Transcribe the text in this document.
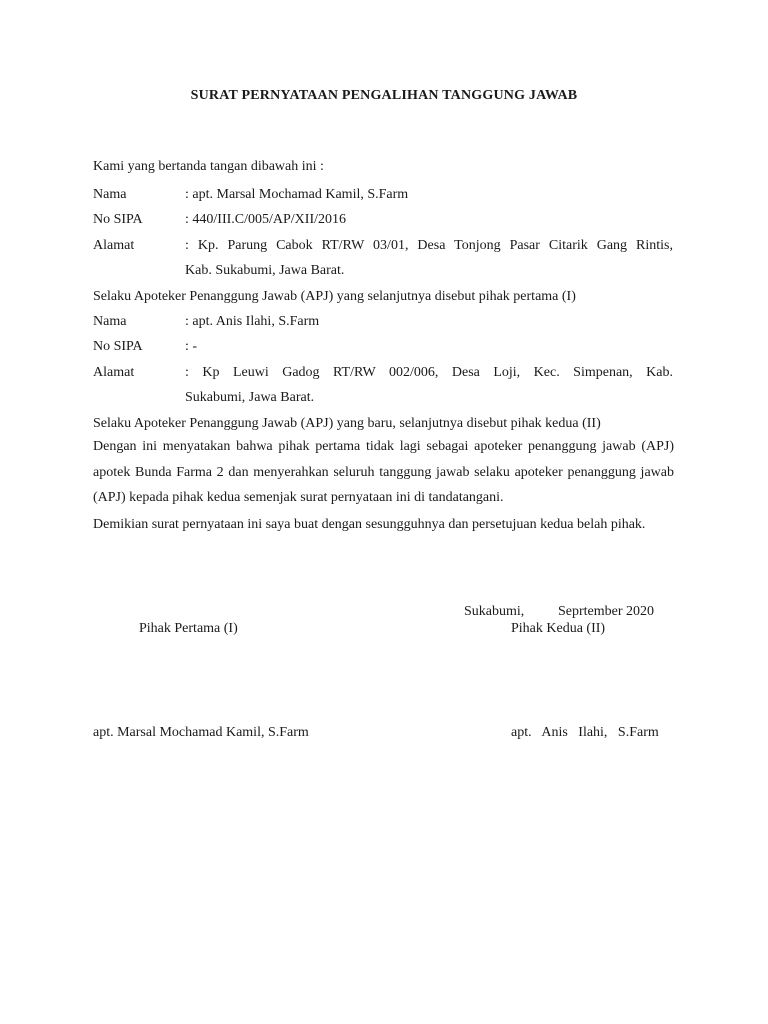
SURAT PERNYATAAN PENGALIHAN TANGGUNG JAWAB
Kami yang bertanda tangan dibawah ini :
Nama	: apt. Marsal Mochamad Kamil, S.Farm
No SIPA	: 440/III.C/005/AP/XII/2016
Alamat	: Kp. Parung Cabok RT/RW 03/01, Desa Tonjong Pasar Citarik Gang Rintis,
Kab. Sukabumi, Jawa Barat.
Selaku Apoteker Penanggung Jawab (APJ) yang selanjutnya disebut pihak pertama (I)
Nama	: apt. Anis Ilahi, S.Farm
No SIPA	: -
Alamat	: Kp Leuwi Gadog RT/RW 002/006, Desa Loji, Kec. Simpenan, Kab.
Sukabumi, Jawa Barat.
Selaku Apoteker Penanggung Jawab (APJ) yang baru, selanjutnya disebut pihak kedua (II)
Dengan ini menyatakan bahwa pihak pertama tidak lagi sebagai apoteker penanggung jawab (APJ) apotek Bunda Farma 2 dan menyerahkan seluruh tanggung jawab selaku apoteker penanggung jawab (APJ) kepada pihak kedua semenjak surat pernyataan ini di tandatangani.
Demikian surat pernyataan ini saya buat dengan sesungguhnya dan persetujuan kedua belah pihak.
Sukabumi, Seprtember 2020
Pihak Pertama (I)	Pihak Kedua (II)
apt. Marsal Mochamad Kamil, S.Farm	apt.   Anis   Ilahi,   S.Farm
